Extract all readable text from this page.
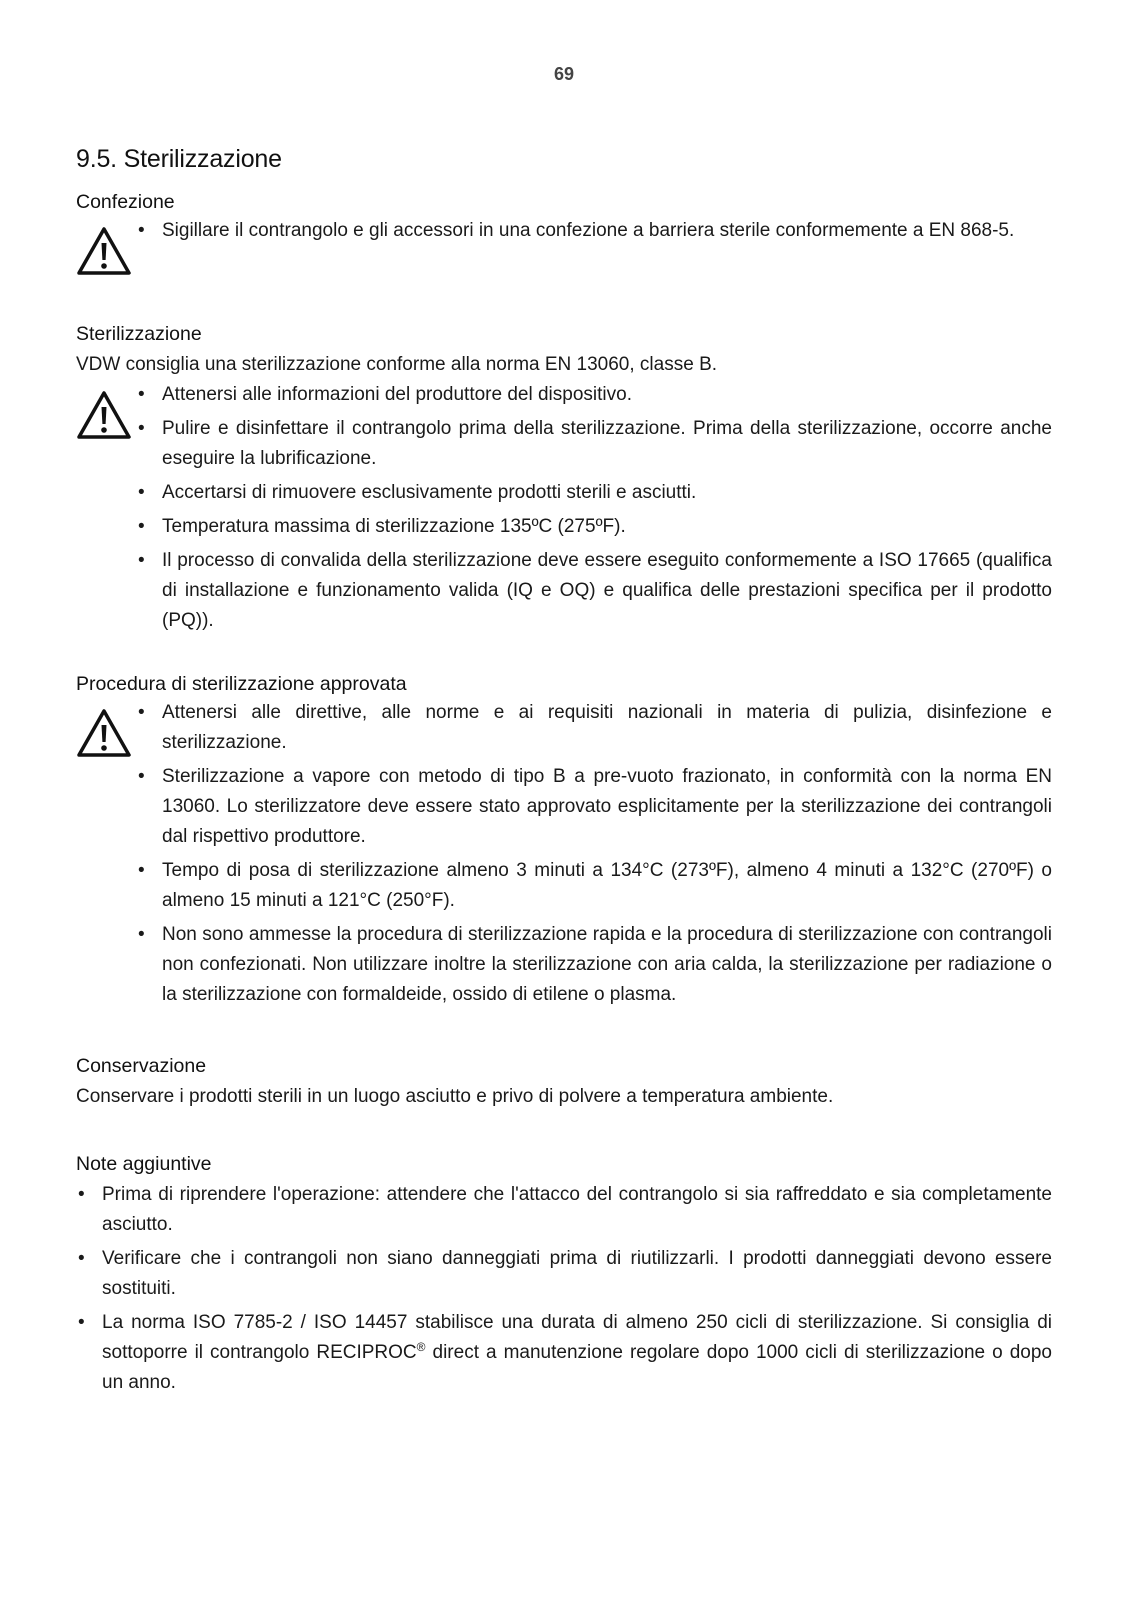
69
9.5. Sterilizzazione

Confezione

• Sigillare il contrangolo e gli accessori in una confezione a barriera sterile conformemente a EN 868-5.

Sterilizzazione

VDW consiglia una sterilizzazione conforme alla norma EN 13060, classe B.

• Attenersi alle informazioni del produttore del dispositivo.
• Pulire e disinfettare il contrangolo prima della sterilizzazione. Prima della sterilizzazione, occorre anche eseguire la lubrificazione.
• Accertarsi di rimuovere esclusivamente prodotti sterili e asciutti.
• Temperatura massima di sterilizzazione 135ºC (275ºF).
• Il processo di convalida della sterilizzazione deve essere eseguito conformemente a ISO 17665 (qualifica di installazione e funzionamento valida (IQ e OQ) e qualifica delle prestazioni specifica per il prodotto (PQ)).

Procedura di sterilizzazione approvata

• Attenersi alle direttive, alle norme e ai requisiti nazionali in materia di pulizia, disinfezione e sterilizzazione.
• Sterilizzazione a vapore con metodo di tipo B a pre-vuoto frazionato, in conformità con la norma EN 13060. Lo sterilizzatore deve essere stato approvato esplicitamente per la sterilizzazione dei contrangoli dal rispettivo produttore.
• Tempo di posa di sterilizzazione almeno 3 minuti a 134°C (273ºF), almeno 4 minuti a 132°C (270ºF) o almeno 15 minuti a 121°C (250°F).
• Non sono ammesse la procedura di sterilizzazione rapida e la procedura di sterilizzazione con contrangoli non confezionati. Non utilizzare inoltre la sterilizzazione con aria calda, la sterilizzazione per radiazione o la sterilizzazione con formaldeide, ossido di etilene o plasma.

Conservazione

Conservare i prodotti sterili in un luogo asciutto e privo di polvere a temperatura ambiente.

Note aggiuntive

• Prima di riprendere l'operazione: attendere che l'attacco del contrangolo si sia raffreddato e sia completamente asciutto.
• Verificare che i contrangoli non siano danneggiati prima di riutilizzarli. I prodotti danneggiati devono essere sostituiti.
• La norma ISO 7785-2 / ISO 14457 stabilisce una durata di almeno 250 cicli di sterilizzazione. Si consiglia di sottoporre il contrangolo RECIPROC® direct a manutenzione regolare dopo 1000 cicli di sterilizzazione o dopo un anno.
